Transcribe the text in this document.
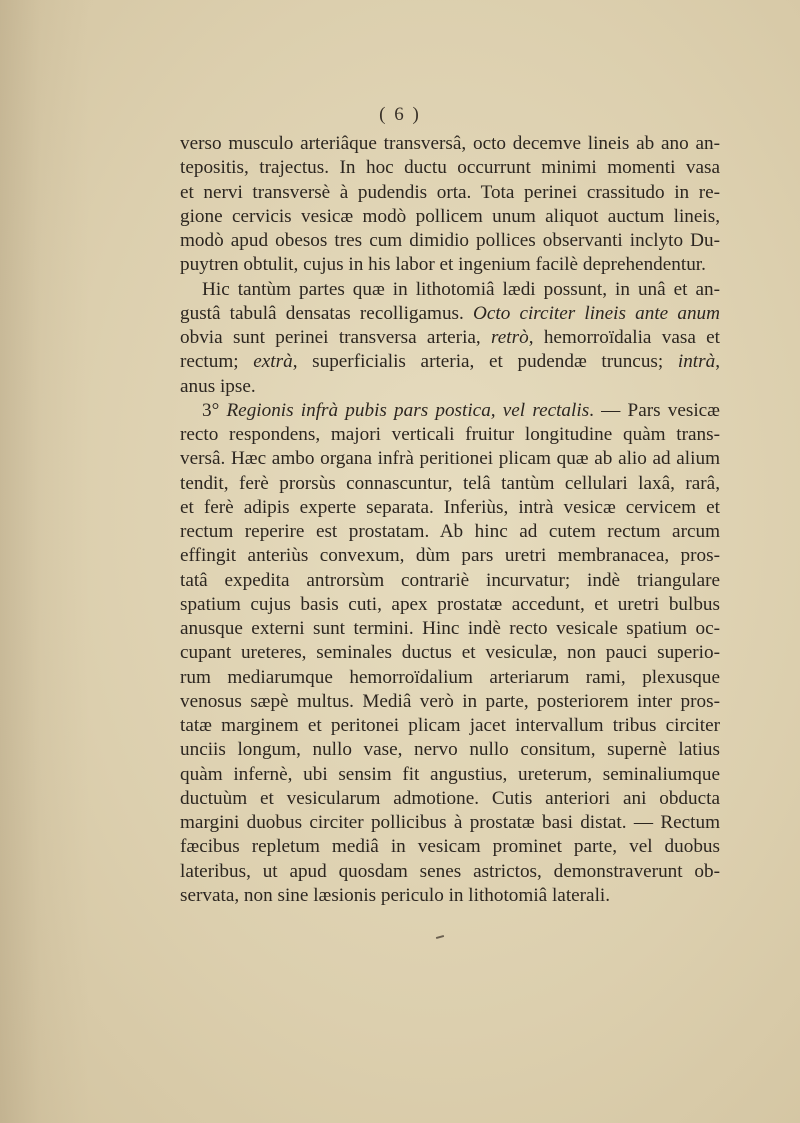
( 6 )
verso musculo arteriâque transversâ, octo decemve lineis ab ano an-
tepositis, trajectus. In hoc ductu occurrunt minimi momenti vasa
et nervi transversè à pudendis orta. Tota perinei crassitudo in re-
gione cervicis vesicæ modò pollicem unum aliquot auctum lineis,
modò apud obesos tres cum dimidio pollices observanti inclyto Du-
puytren obtulit, cujus in his labor et ingenium facilè deprehendentur.
Hic tantùm partes quæ in lithotomiâ lædi possunt, in unâ et an-
gustâ tabulâ densatas recolligamus. Octo circiter lineis ante anum
obvia sunt perinei transversa arteria, retrò, hemorroïdalia vasa et
rectum; extrà, superficialis arteria, et pudendæ truncus; intrà,
anus ipse.
3° Regionis infrà pubis pars postica, vel rectalis. — Pars vesicæ
recto respondens, majori verticali fruitur longitudine quàm trans-
versâ. Hæc ambo organa infrà peritionei plicam quæ ab alio ad alium
tendit, ferè prorsùs connascuntur, telâ tantùm cellulari laxâ, rarâ,
et ferè adipis experte separata. Inferiùs, intrà vesicæ cervicem et
rectum reperire est prostatam. Ab hinc ad cutem rectum arcum
effingit anteriùs convexum, dùm pars uretri membranacea, pros-
tatâ expedita antrorsùm contrariè incurvatur; indè triangulare
spatium cujus basis cuti, apex prostatæ accedunt, et uretri bulbus
anusque externi sunt termini. Hinc indè recto vesicale spatium oc-
cupant ureteres, seminales ductus et vesiculæ, non pauci superio-
rum mediarumque hemorroïdalium arteriarum rami, plexusque
venosus sæpè multus. Mediâ verò in parte, posteriorem inter pros-
tatæ marginem et peritonei plicam jacet intervallum tribus circiter
unciis longum, nullo vase, nervo nullo consitum, supernè latius
quàm infernè, ubi sensim fit angustius, ureterum, seminaliumque
ductuùm et vesicularum admotione. Cutis anteriori ani obducta
margini duobus circiter pollicibus à prostatæ basi distat. — Rectum
fæcibus repletum mediâ in vesicam prominet parte, vel duobus
lateribus, ut apud quosdam senes astrictos, demonstraverunt ob-
servata, non sine læsionis periculo in lithotomiâ laterali.
